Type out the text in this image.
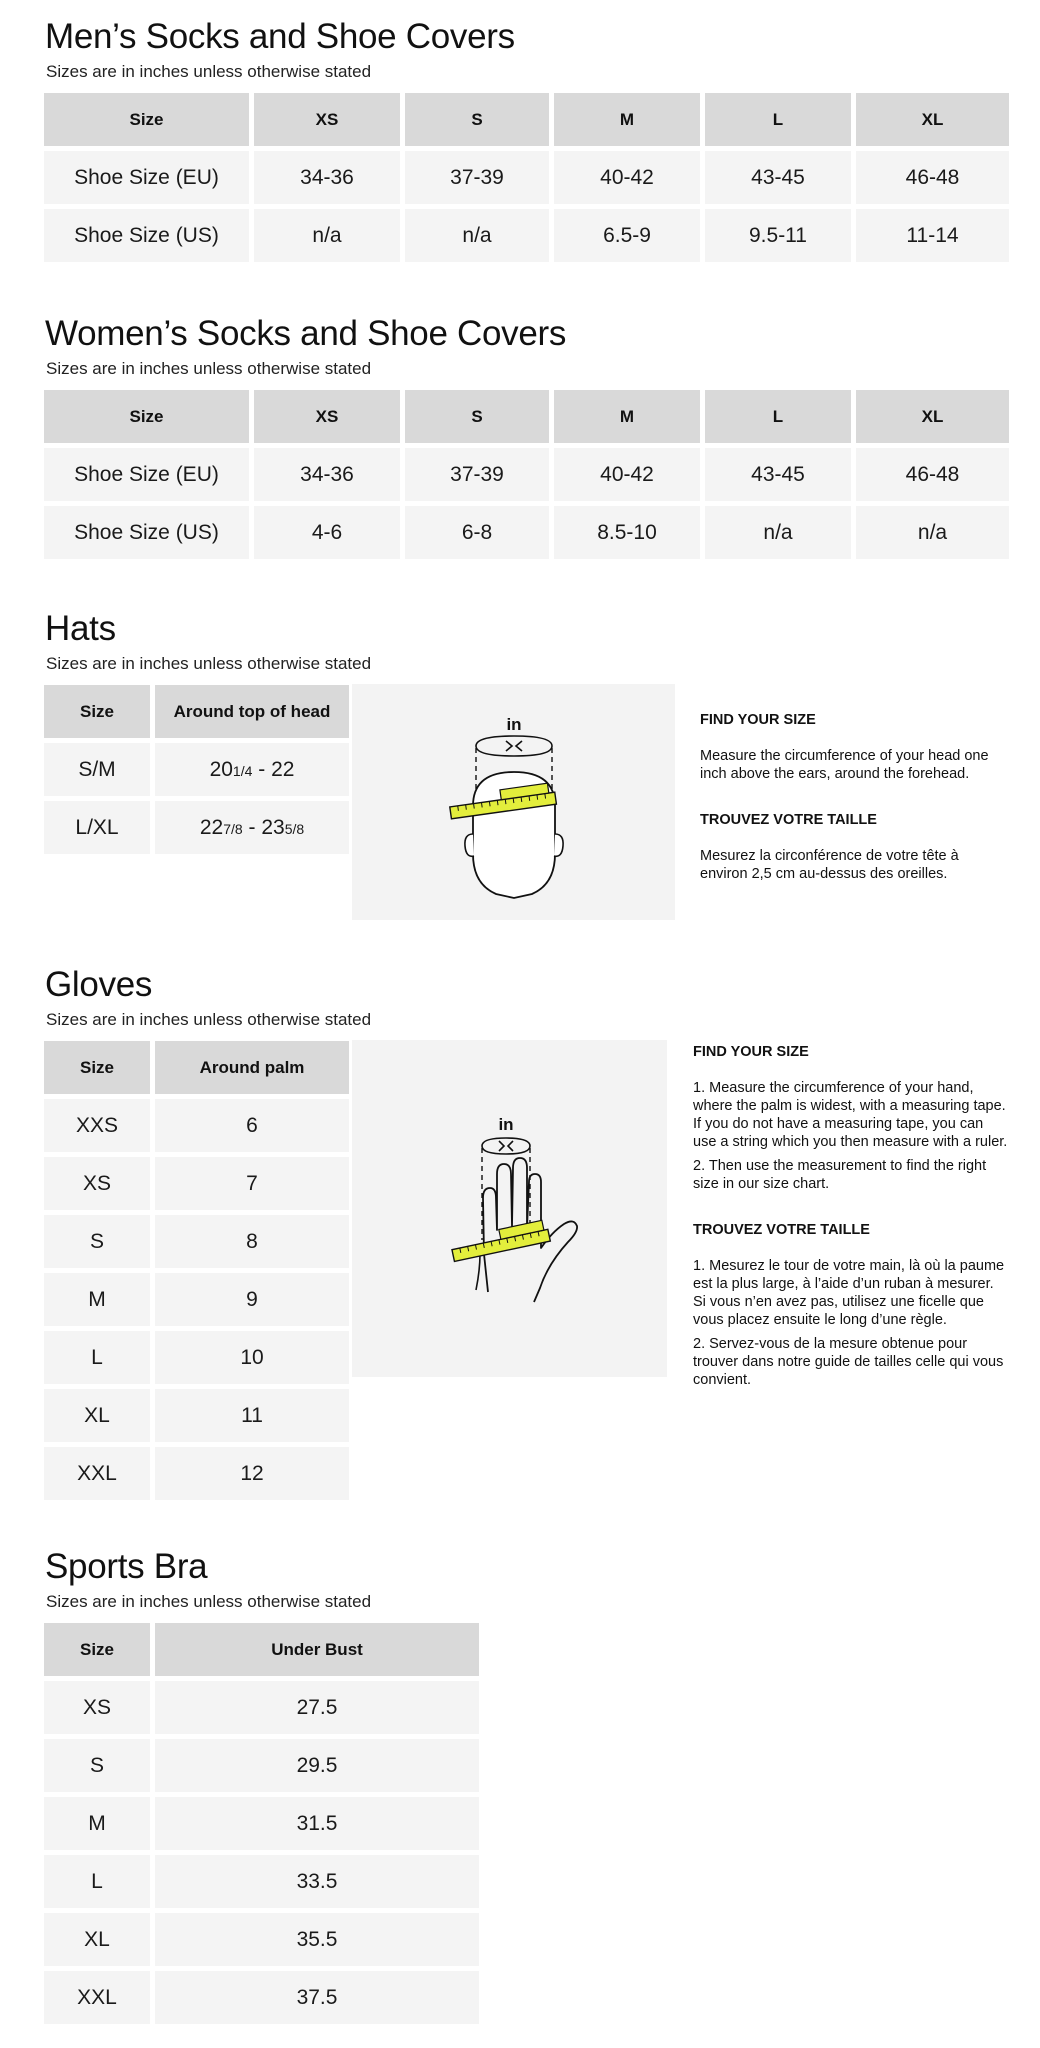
Men’s Socks and Shoe Covers

Sizes are in inches unless otherwise stated

Size	XS	S	M	L	XL
Shoe Size (EU)	34-36	37-39	40-42	43-45	46-48
Shoe Size (US)	n/a	n/a	6.5-9	9.5-11	11-14
Women’s Socks and Shoe Covers

Sizes are in inches unless otherwise stated

Size	XS	S	M	L	XL
Shoe Size (EU)	34-36	37-39	40-42	43-45	46-48
Shoe Size (US)	4-6	6-8	8.5-10	n/a	n/a
Hats

Sizes are in inches unless otherwise stated

Size	Around top of head
S/M	201/4 - 22
L/XL	227/8 - 235/8
in	FIND YOUR SIZE

Measure the circumference of your head one inch above the ears, around the forehead.

TROUVEZ VOTRE TAILLE

Mesurez la circonférence de votre tête à environ 2,5 cm au-dessus des oreilles.

Gloves

Sizes are in inches unless otherwise stated

Size	Around palm
XXS	6
XS	7
S	8
M	9
L	10
XL	11
XXL	12
in
FIND YOUR SIZE

1. Measure the circumference of your hand, where the palm is widest, with a measuring tape. If you do not have a measuring tape, you can use a string which you then measure with a ruler.

2. Then use the measurement to find the right size in our size chart.

TROUVEZ VOTRE TAILLE

1. Mesurez le tour de votre main, là où la paume est la plus large, à l’aide d’un ruban à mesurer. Si vous n’en avez pas, utilisez une ficelle que vous placez ensuite le long d’une règle.

2. Servez-vous de la mesure obtenue pour trouver dans notre guide de tailles celle qui vous convient.

Sports Bra

Sizes are in inches unless otherwise stated

Size	Under Bust
XS	27.5
S	29.5
M	31.5
L	33.5
XL	35.5
XXL	37.5
